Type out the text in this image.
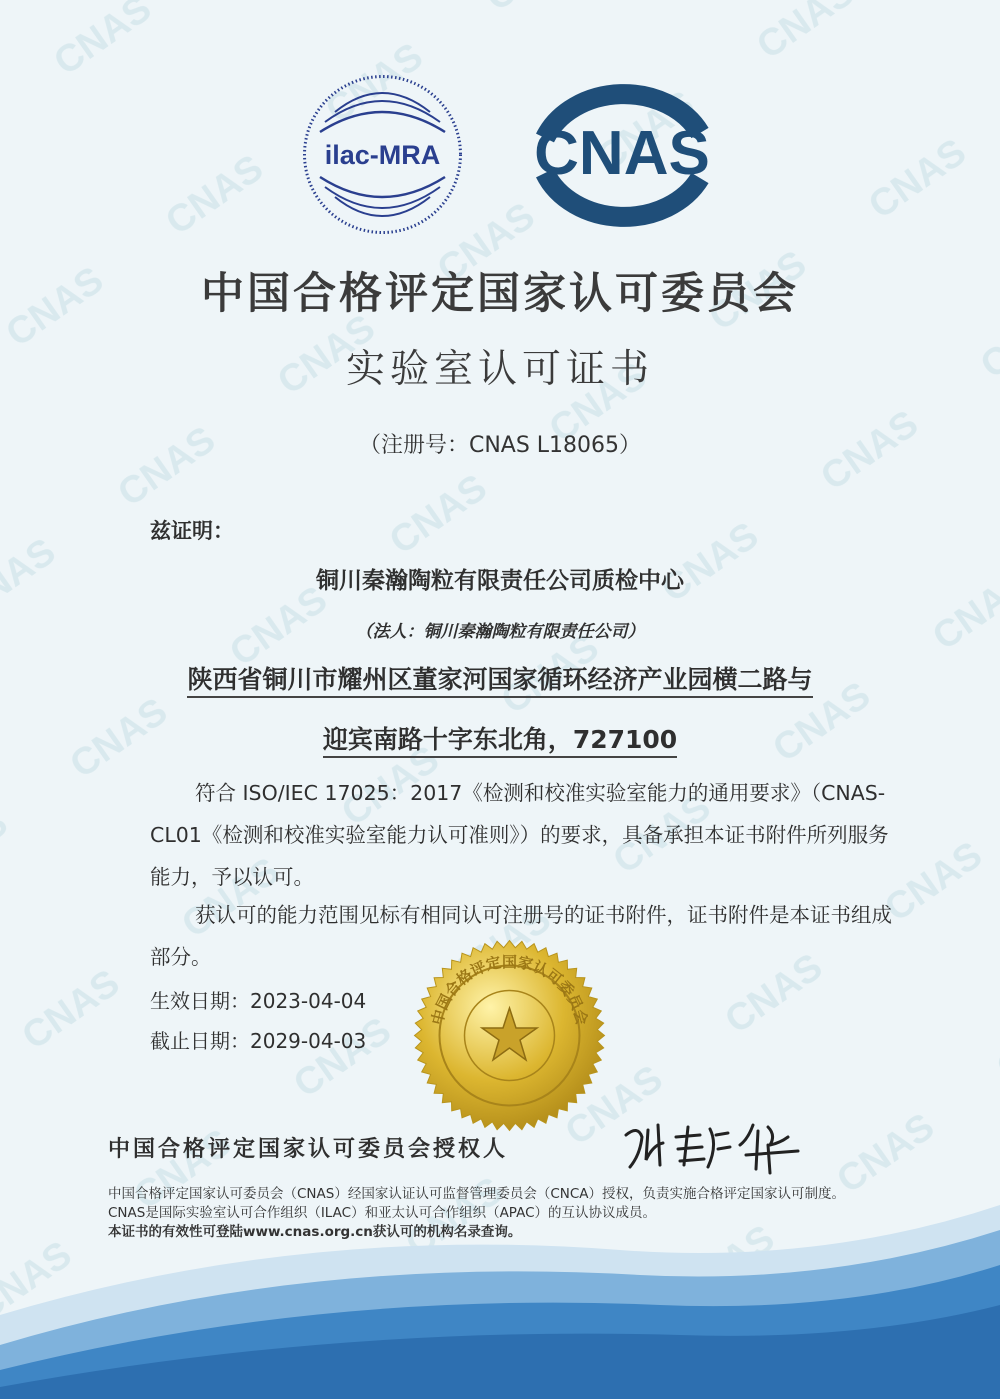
ilac-MRA CNAS
中国合格评定国家认可委员会
实验室认可证书
（注册号：CNAS L18065）
兹证明：
铜川秦瀚陶粒有限责任公司质检中心
（法人：铜川秦瀚陶粒有限责任公司）
陕西省铜川市耀州区董家河国家循环经济产业园横二路与
迎宾南路十字东北角，727100
符合 ISO/IEC 17025：2017《检测和校准实验室能力的通用要求》（CNAS-CL01《检测和校准实验室能力认可准则》）的要求，具备承担本证书附件所列服务能力，予以认可。
获认可的能力范围见标有相同认可注册号的证书附件，证书附件是本证书组成部分。
生效日期：2023-04-04
截止日期：2029-04-03
中国合格评定国家认可委员会
中国合格评定国家认可委员会授权人
中国合格评定国家认可委员会（CNAS）经国家认证认可监督管理委员会（CNCA）授权，负责实施合格评定国家认可制度。
CNAS是国际实验室认可合作组织（ILAC）和亚太认可合作组织（APAC）的互认协议成员。
本证书的有效性可登陆www.cnas.org.cn获认可的机构名录查询。
